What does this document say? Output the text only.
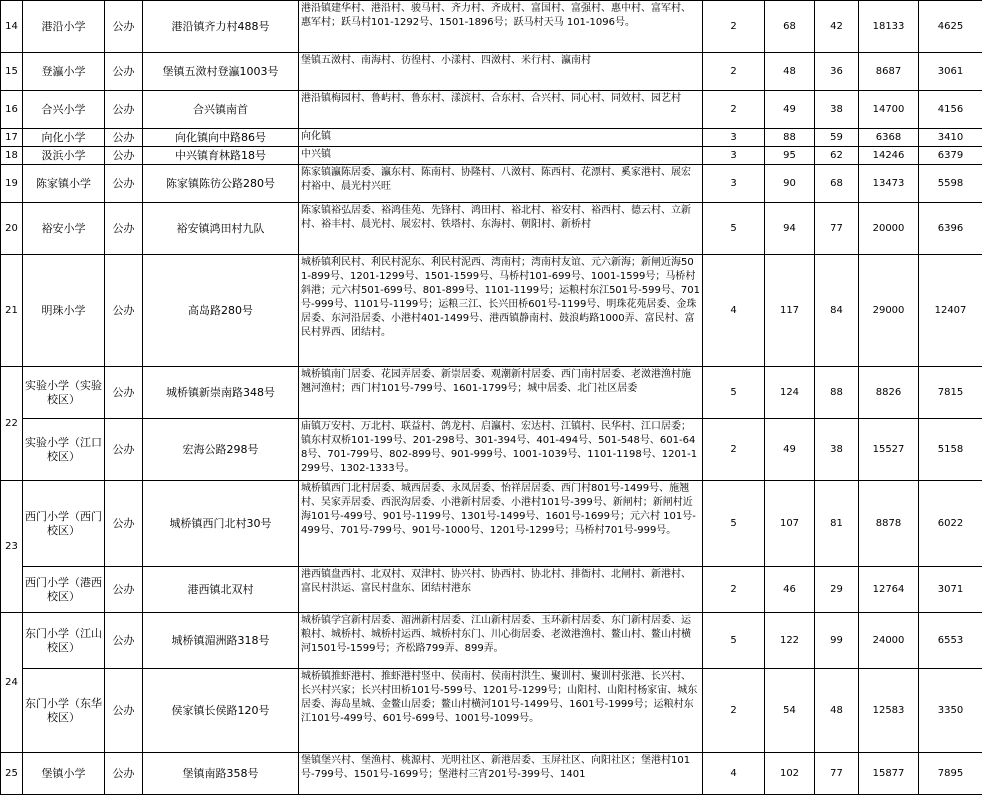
14	港沿小学	公办	港沿镇齐力村488号	港沿镇建华村、港沿村、骏马村、齐力村、齐成村、富国村、富强村、惠中村、富军村、惠军村；跃马村101-1292号、1501-1896号；跃马村天马 101-1096号。	2	68	42	18133	4625
15	登瀛小学	公办	堡镇五滧村登瀛1003号	堡镇五滧村、南海村、彷徨村、小漾村、四滧村、米行村、瀛南村	2	48	36	8687	3061
16	合兴小学	公办	合兴镇南首	港沿镇梅园村、鲁屿村、鲁东村、漾滨村、合东村、合兴村、同心村、同效村、园艺村	2	49	38	14700	4156
17	向化小学	公办	向化镇向中路86号	向化镇	3	88	59	6368	3410
18	汲浜小学	公办	中兴镇育林路18号	中兴镇	3	95	62	14246	6379
19	陈家镇小学	公办	陈家镇陈彷公路280号	陈家镇瀛陈居委、瀛东村、陈南村、协隆村、八滧村、陈西村、花漂村、奚家港村、展宏村裕中、晨光村兴旺	3	90	68	13473	5598
20	裕安小学	公办	裕安镇鸿田村九队	陈家镇裕弘居委、裕鸿佳苑、先锋村、鸿田村、裕北村、裕安村、裕西村、德云村、立新村、裕丰村、晨光村、展宏村、铁塔村、东海村、朝阳村、新桥村	5	94	77	20000	6396
21	明珠小学	公办	高岛路280号	城桥镇利民村、利民村泥东、利民村泥西、湾南村；湾南村友谊、元六新海；新闸近海501-899号、1201-1299号、1501-1599号、马桥村101-699号、1001-1599号；马桥村斜港；元六村501-699号、801-899号、1101-1199号；运粮村东江501号-599号、701号-999号、1101号-1199号；运粮三江、长兴田桥601号-1199号、明珠花苑居委、金珠居委、东河沿居委、小港村401-1499号、港西镇静南村、鼓浪屿路1000弄、富民村、富民村界西、团结村。	4	117	84	29000	12407
22	实验小学（实验校区）	公办	城桥镇新崇南路348号	城桥镇南门居委、花园弄居委、新崇居委、观潮新村居委、西门南村居委、老滧港渔村施翘河渔村；西门村101号-799号、1601-1799号；城中居委、北门社区居委	5	124	88	8826	7815
	实验小学（江口校区）	公办	宏海公路298号	庙镇万安村、万北村、联益村、鸽龙村、启瀛村、宏达村、江镇村、民华村、江口居委；镇东村双桥101-199号、201-298号、301-394号、401-494号、501-548号、601-648号、701-799号、802-899号、901-999号、1001-1039号、1101-1198号、1201-1299号、1302-1333号。	2	49	38	15527	5158
23	西门小学（西门校区）	公办	城桥镇西门北村30号	城桥镇西门北村居委、城西居委、永凤居委、怡祥居居委、西门村801号-1499号、施翘村、吴家弄居委、西泯沟居委、小港新村居委、小港村101号-399号、新闸村；新闸村近海101号-499号、901号-1199号、1301号-1499号、1601号-1699号；元六村 101号-499号、701号-799号、901号-1000号、1201号-1299号；马桥村701号-999号。	5	107	81	8878	6022
	西门小学（港西校区）	公办	港西镇北双村	港西镇盘西村、北双村、双津村、协兴村、协西村、协北村、排衙村、北闸村、新港村、富民村洪运、富民村盘东、团结村港东	2	46	29	12764	3071
24	东门小学（江山校区）	公办	城桥镇湄洲路318号	城桥镇学宫新村居委、湄洲新村居委、江山新村居委、玉环新村居委、东门新村居委、运粮村、城桥村、城桥村运西、城桥村东门、川心街居委、老滧港渔村、鳌山村、鳌山村横河1501号-1599号；齐松路799弄、899弄。	5	122	99	24000	6553
	东门小学（东华校区）	公办	侯家镇长侯路120号	城桥镇推虾港村、推虾港村竖中、侯南村、侯南村洪生、聚训村、聚训村张港、长兴村、长兴村兴家；长兴村田桥101号-599号、1201号-1299号；山阳村、山阳村杨家宙、城东居委、海岛星城、金鳌山居委；鳌山村横河101号-1499号、1601号-1999号；运粮村东江101号-499号、601号-699号、1001号-1099号。	2	54	48	12583	3350
25	堡镇小学	公办	堡镇南路358号	堡镇堡兴村、堡渔村、桃源村、光明社区、新港居委、玉屏社区、向阳社区；堡港村101号-799号、1501号-1699号；堡港村三宵201号-399号、1401	4	102	77	15877	7895
